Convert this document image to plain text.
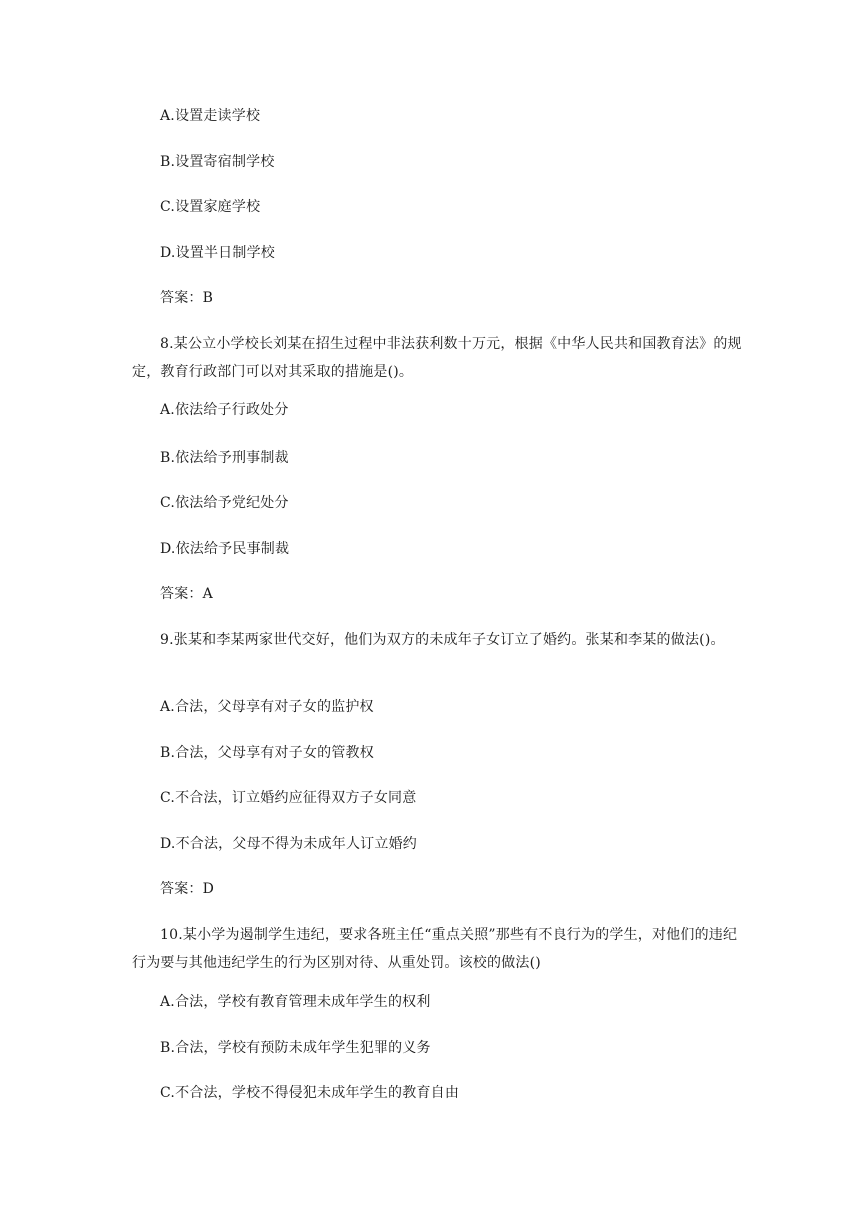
A.设置走读学校
B.设置寄宿制学校
C.设置家庭学校
D.设置半日制学校
答案：B
8.某公立小学校长刘某在招生过程中非法获利数十万元，根据《中华人民共和国教育法》的规定，教育行政部门可以对其采取的措施是()。
A.依法给子行政处分
B.依法给予刑事制裁
C.依法给予党纪处分
D.依法给予民事制裁
答案：A
9.张某和李某两家世代交好，他们为双方的未成年子女订立了婚约。张某和李某的做法()。
A.合法，父母享有对子女的监护权
B.合法，父母享有对子女的管教权
C.不合法，订立婚约应征得双方子女同意
D.不合法，父母不得为未成年人订立婚约
答案：D
10.某小学为遏制学生违纪，要求各班主任“重点关照”那些有不良行为的学生，对他们的违纪行为要与其他违纪学生的行为区别对待、从重处罚。该校的做法()
A.合法，学校有教育管理未成年学生的权利
B.合法，学校有预防未成年学生犯罪的义务
C.不合法，学校不得侵犯未成年学生的教育自由
